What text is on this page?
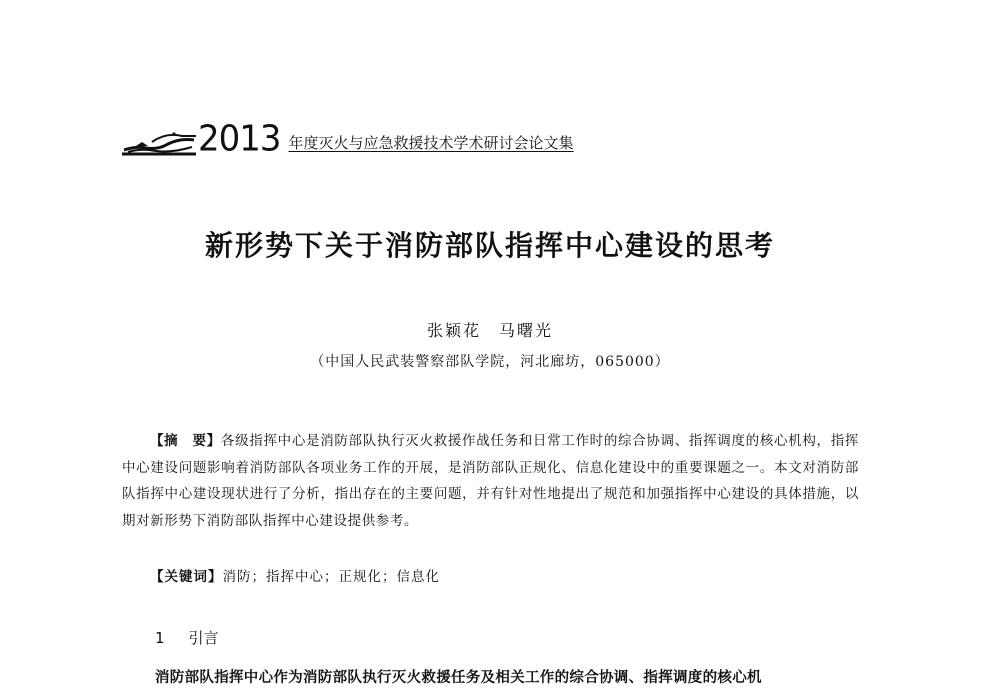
2013 年度灭火与应急救援技术学术研讨会论文集
新形势下关于消防部队指挥中心建设的思考
张颖花　马曙光
（中国人民武装警察部队学院，河北廊坊，065000）
【摘　要】各级指挥中心是消防部队执行灭火救援作战任务和日常工作时的综合协调、指挥调度的核心机构，指挥中心建设问题影响着消防部队各项业务工作的开展，是消防部队正规化、信息化建设中的重要课题之一。本文对消防部队指挥中心建设现状进行了分析，指出存在的主要问题，并有针对性地提出了规范和加强指挥中心建设的具体措施，以期对新形势下消防部队指挥中心建设提供参考。
【关键词】消防；指挥中心；正规化；信息化
1 引言
消防部队指挥中心作为消防部队执行灭火救援任务及相关工作的综合协调、指挥调度的核心机
